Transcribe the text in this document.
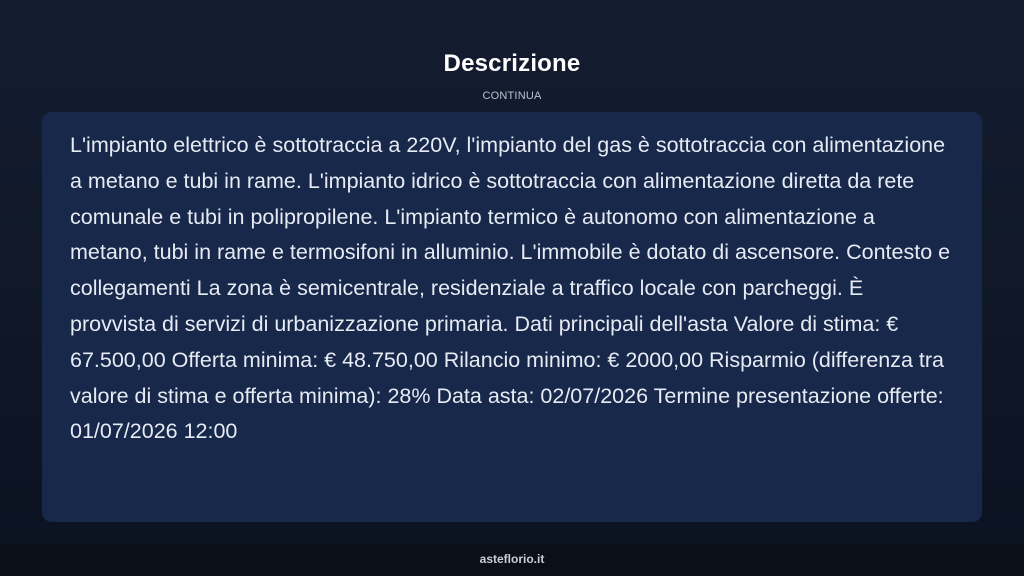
Descrizione
CONTINUA

L'impianto elettrico è sottotraccia a 220V, l'impianto del gas è sottotraccia con alimentazione a metano e tubi in rame. L'impianto idrico è sottotraccia con alimentazione diretta da rete comunale e tubi in polipropilene. L'impianto termico è autonomo con alimentazione a metano, tubi in rame e termosifoni in alluminio. L'immobile è dotato di ascensore. Contesto e collegamenti La zona è semicentrale, residenziale a traffico locale con parcheggi. È provvista di servizi di urbanizzazione primaria. Dati principali dell'asta Valore di stima: € 67.500,00 Offerta minima: € 48.750,00 Rilancio minimo: € 2000,00 Risparmio (differenza tra valore di stima e offerta minima): 28% Data asta: 02/07/2026 Termine presentazione offerte: 01/07/2026 12:00

asteflorio.it
